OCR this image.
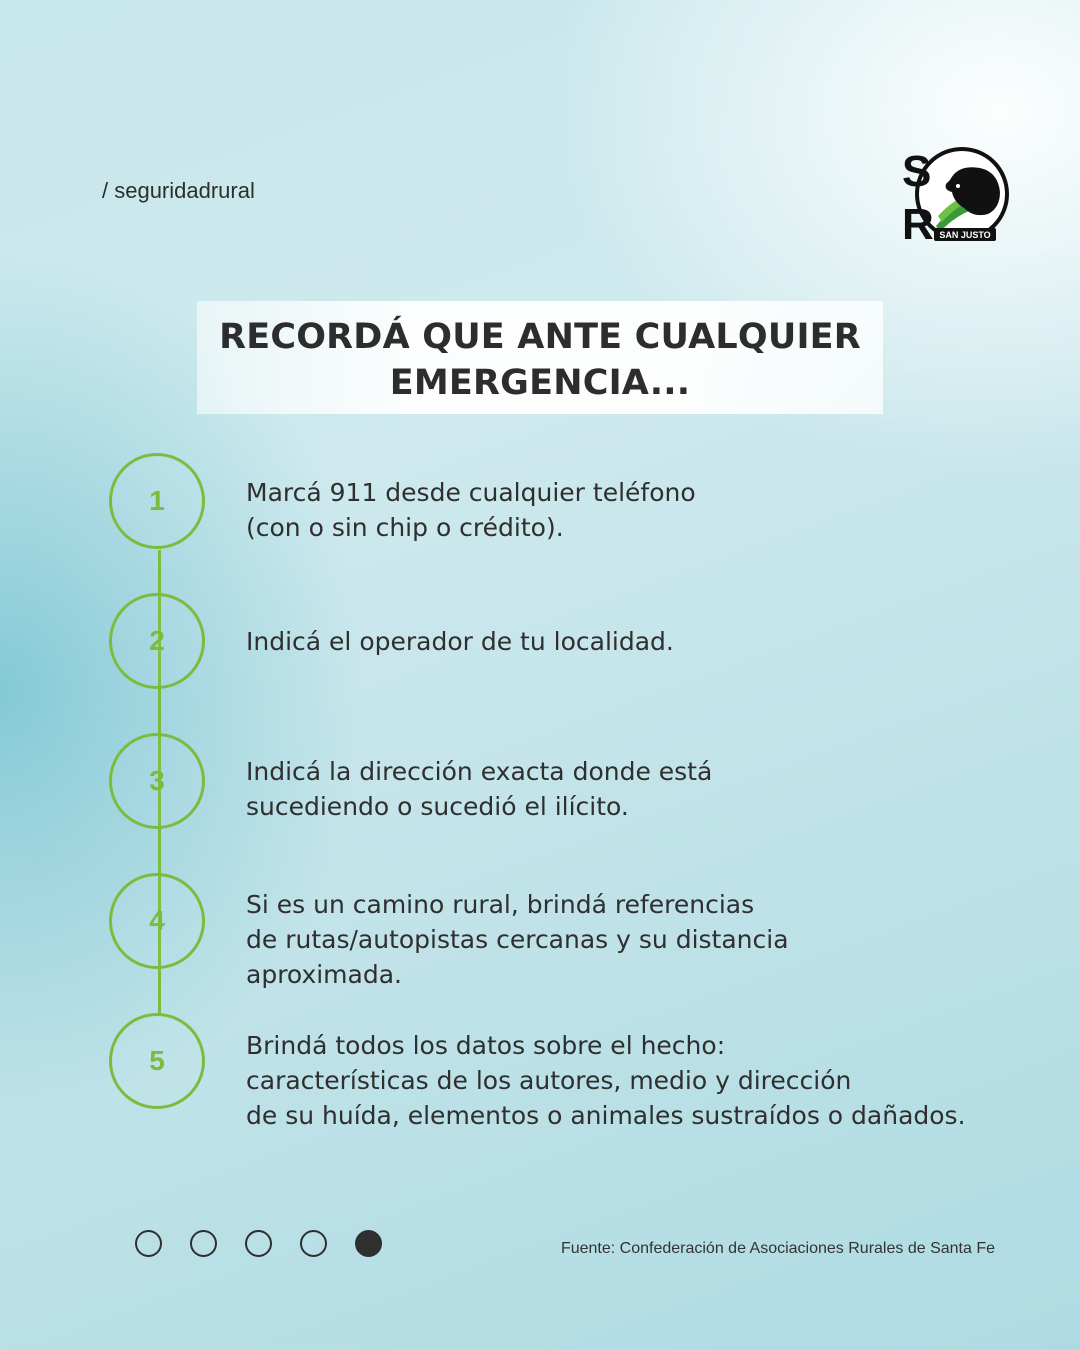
/ seguridadrural	S
R SAN JUSTO
RECORDÁ QUE ANTE CUALQUIER
EMERGENCIA...
1	Marcá 911 desde cualquier teléfono
(con o sin chip o crédito).
2	Indicá el operador de tu localidad.
3	Indicá la dirección exacta donde está
sucediendo o sucedió el ilícito.
4
Si es un camino rural, brindá referencias
de rutas/autopistas cercanas y su distancia
aproximada.
5	Brindá todos los datos sobre el hecho:
características de los autores, medio y dirección
de su huída, elementos o animales sustraídos o dañados.
Fuente: Confederación de Asociaciones Rurales de Santa Fe
